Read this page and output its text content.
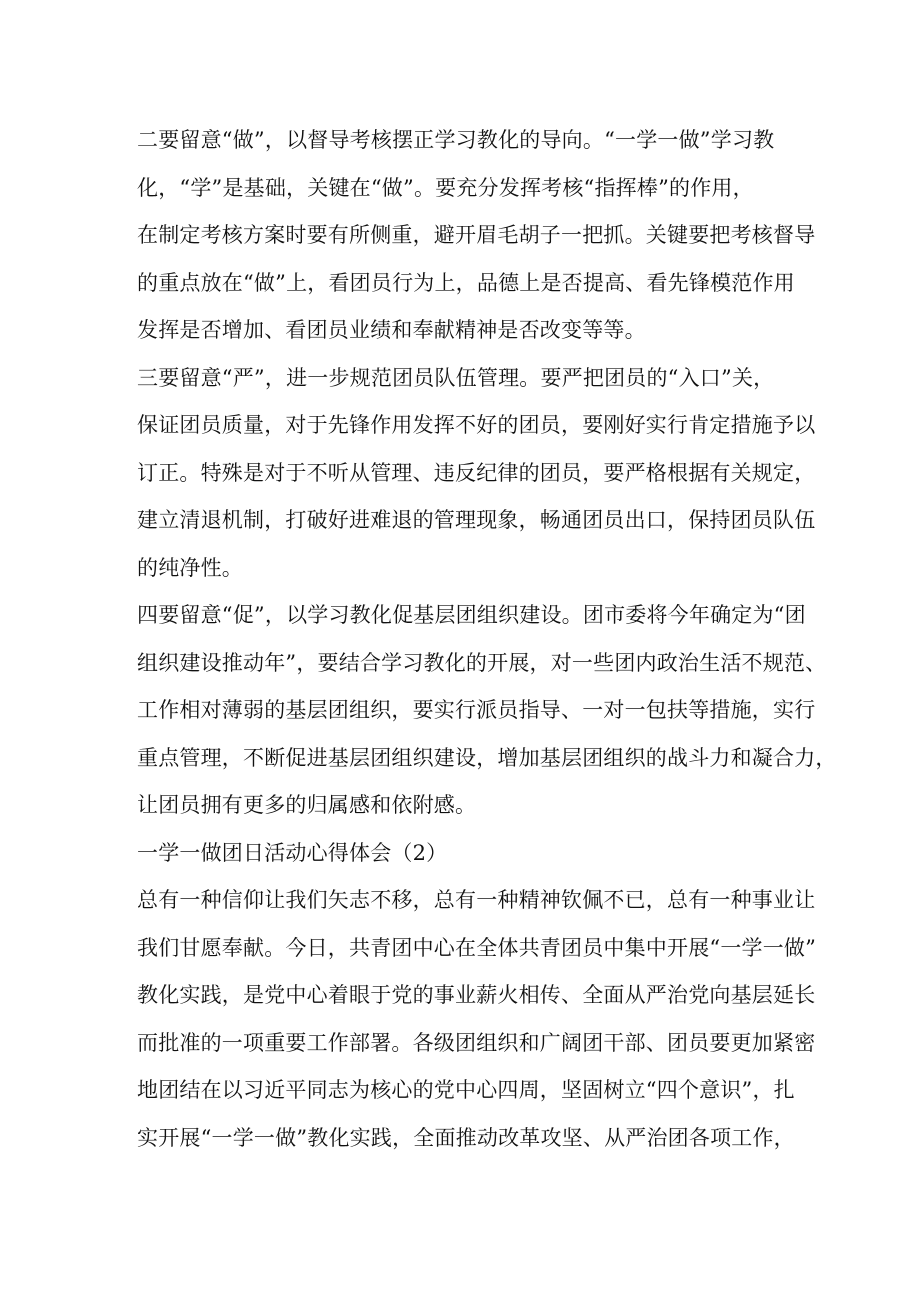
二要留意“做”，以督导考核摆正学习教化的导向。“一学一做”学习教
化，“学”是基础，关键在“做”。要充分发挥考核“指挥棒”的作用，
在制定考核方案时要有所侧重，避开眉毛胡子一把抓。关键要把考核督导
的重点放在“做”上，看团员行为上，品德上是否提高、看先锋模范作用
发挥是否增加、看团员业绩和奉献精神是否改变等等。
三要留意“严”，进一步规范团员队伍管理。要严把团员的“入口”关，
保证团员质量，对于先锋作用发挥不好的团员，要刚好实行肯定措施予以
订正。特殊是对于不听从管理、违反纪律的团员，要严格根据有关规定，
建立清退机制，打破好进难退的管理现象，畅通团员出口，保持团员队伍
的纯净性。
四要留意“促”，以学习教化促基层团组织建设。团市委将今年确定为“团
组织建设推动年”，要结合学习教化的开展，对一些团内政治生活不规范、
工作相对薄弱的基层团组织，要实行派员指导、一对一包扶等措施，实行
重点管理，不断促进基层团组织建设，增加基层团组织的战斗力和凝合力，
让团员拥有更多的归属感和依附感。
一学一做团日活动心得体会（2）
总有一种信仰让我们矢志不移，总有一种精神钦佩不已，总有一种事业让
我们甘愿奉献。今日，共青团中心在全体共青团员中集中开展“一学一做”
教化实践，是党中心着眼于党的事业薪火相传、全面从严治党向基层延长
而批准的一项重要工作部署。各级团组织和广阔团干部、团员要更加紧密
地团结在以习近平同志为核心的党中心四周，坚固树立“四个意识”，扎
实开展“一学一做”教化实践，全面推动改革攻坚、从严治团各项工作，
